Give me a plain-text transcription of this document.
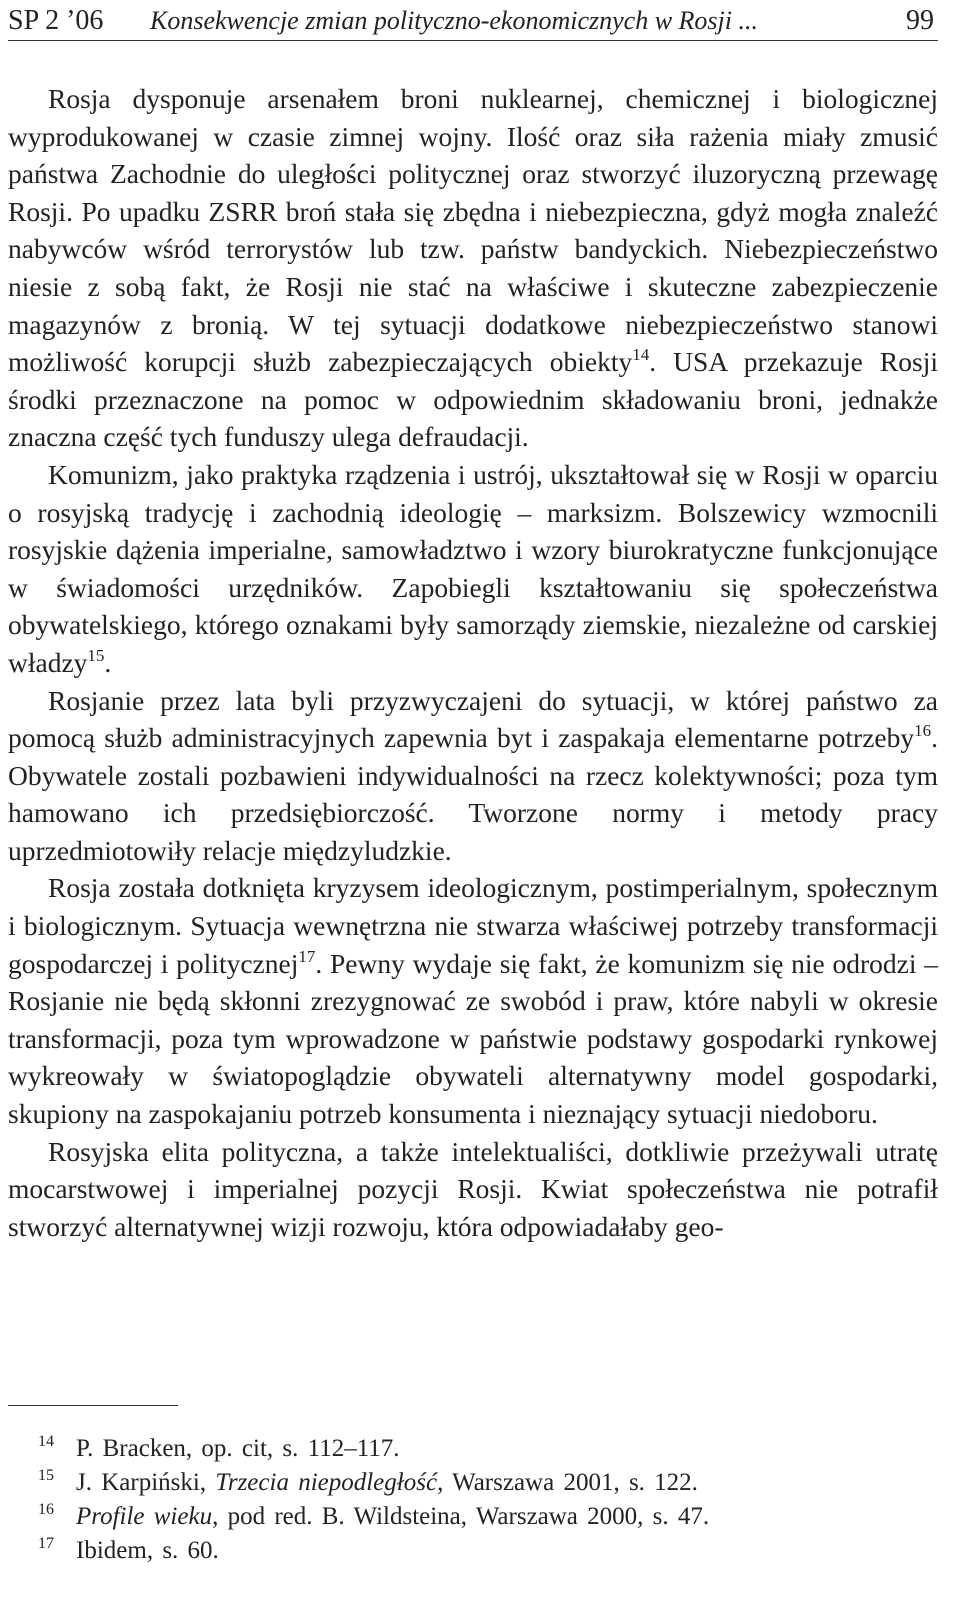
SP 2 ’06 Konsekwencje zmian polityczno-ekonomicznych w Rosji ...	99

Rosja dysponuje arsenałem broni nuklearnej, chemicznej i biologicznej wyprodukowanej w czasie zimnej wojny. Ilość oraz siła rażenia miały zmusić państwa Zachodnie do uległości politycznej oraz stworzyć iluzoryczną przewagę Rosji. Po upadku ZSRR broń stała się zbędna i niebezpieczna, gdyż mogła znaleźć nabywców wśród terrorystów lub tzw. państw bandyckich. Niebezpieczeństwo niesie z sobą fakt, że Rosji nie stać na właściwe i skuteczne zabezpieczenie magazynów z bronią. W tej sytuacji dodatkowe niebezpieczeństwo stanowi możliwość korupcji służb zabezpieczających obiekty$^{14}$. USA przekazuje Rosji środki przeznaczone na pomoc w odpowiednim składowaniu broni, jednakże znaczna część tych funduszy ulega defraudacji.

Komunizm, jako praktyka rządzenia i ustrój, ukształtował się w Rosji w oparciu o rosyjską tradycję i zachodnią ideologię – marksizm. Bolszewicy wzmocnili rosyjskie dążenia imperialne, samowładztwo i wzory biurokratyczne funkcjonujące w świadomości urzędników. Zapobiegli kształtowaniu się społeczeństwa obywatelskiego, którego oznakami były samorządy ziemskie, niezależne od carskiej władzy$^{15}$.

Rosjanie przez lata byli przyzwyczajeni do sytuacji, w której państwo za pomocą służb administracyjnych zapewnia byt i zaspakaja elementarne potrzeby$^{16}$. Obywatele zostali pozbawieni indywidualności na rzecz kolektywności; poza tym hamowano ich przedsiębiorczość. Tworzone normy i metody pracy uprzedmiotowiły relacje międzyludzkie.

Rosja została dotknięta kryzysem ideologicznym, postimperialnym, społecznym i biologicznym. Sytuacja wewnętrzna nie stwarza właściwej potrzeby transformacji gospodarczej i politycznej$^{17}$. Pewny wydaje się fakt, że komunizm się nie odrodzi – Rosjanie nie będą skłonni zrezygnować ze swobód i praw, które nabyli w okresie transformacji, poza tym wprowadzone w państwie podstawy gospodarki rynkowej wykreowały w światopoglądzie obywateli alternatywny model gospodarki, skupiony na zaspokajaniu potrzeb konsumenta i nieznający sytuacji niedoboru.

Rosyjska elita polityczna, a także intelektualiści, dotkliwie przeżywali utratę mocarstwowej i imperialnej pozycji Rosji. Kwiat społeczeństwa nie potrafił stworzyć alternatywnej wizji rozwoju, która odpowiadałaby geo-

14 P. Bracken, op. cit, s. 112–117.
15 J. Karpiński, Trzecia niepodległość, Warszawa 2001, s. 122.
16 Profile wieku, pod red. B. Wildsteina, Warszawa 2000, s. 47.
17 Ibidem, s. 60.
